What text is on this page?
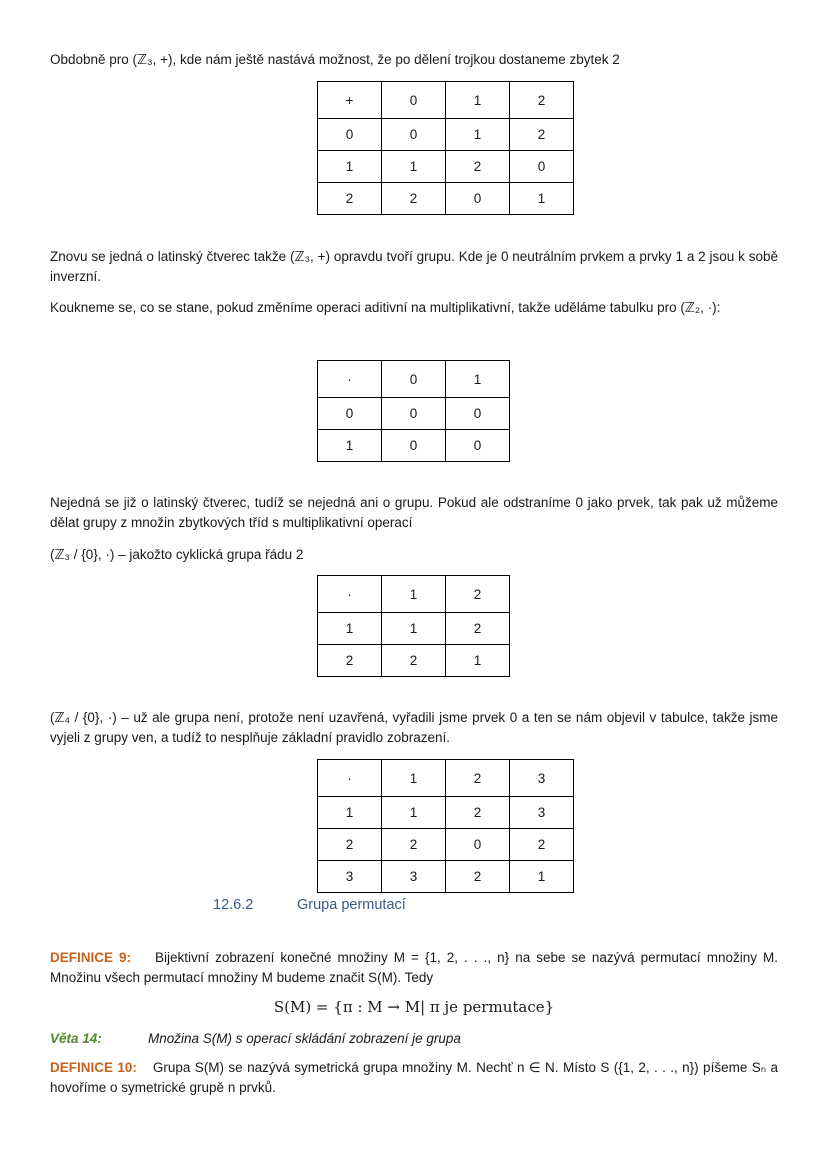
Obdobně pro (ℤ₃, +), kde nám ještě nastává možnost, že po dělení trojkou dostaneme zbytek 2

+	0	1	2
0	0	1	2
1	1	2	0
2	2	0	1

Znovu se jedná o latinský čtverec takže (ℤ₃, +) opravdu tvoří grupu. Kde je 0 neutrálním prvkem a prvky 1 a 2 jsou k sobě inverzní.

Koukneme se, co se stane, pokud změníme operaci aditivní na multiplikativní, takže uděláme tabulku pro (ℤ₂, ·):

·	0	1
0	0	0
1	0	0

Nejedná se již o latinský čtverec, tudíž se nejedná ani o grupu. Pokud ale odstraníme 0 jako prvek, tak pak už můžeme dělat grupy z množin zbytkových tříd s multiplikativní operací

(ℤ₃ / {0}, ·) – jakožto cyklická grupa řádu 2

·	1	2
1	1	2
2	2	1

(ℤ₄ / {0}, ·) – už ale grupa není, protože není uzavřená, vyřadili jsme prvek 0 a ten se nám objevil v tabulce, takže jsme vyjeli z grupy ven, a tudíž to nesplňuje základní pravidlo zobrazení.

·	1	2	3
1	1	2	3
2	2	0	2
3	3	2	1
12.6.2	Grupa permutací

DEFINICE 9: Bijektivní zobrazení konečné množiny M = {1, 2, . . ., n} na sebe se nazývá permutací množiny M. Množinu všech permutací množiny M budeme značit S(M). Tedy

S(M) = {π : M → M| π je permutace}

Věta 14:	Množina S(M) s operací skládání zobrazení je grupa

DEFINICE 10: Grupa S(M) se nazývá symetrická grupa množiny M. Nechť n ∈ N. Místo S ({1, 2, . . ., n}) píšeme Sₙ a hovoříme o symetrické grupě n prvků.
